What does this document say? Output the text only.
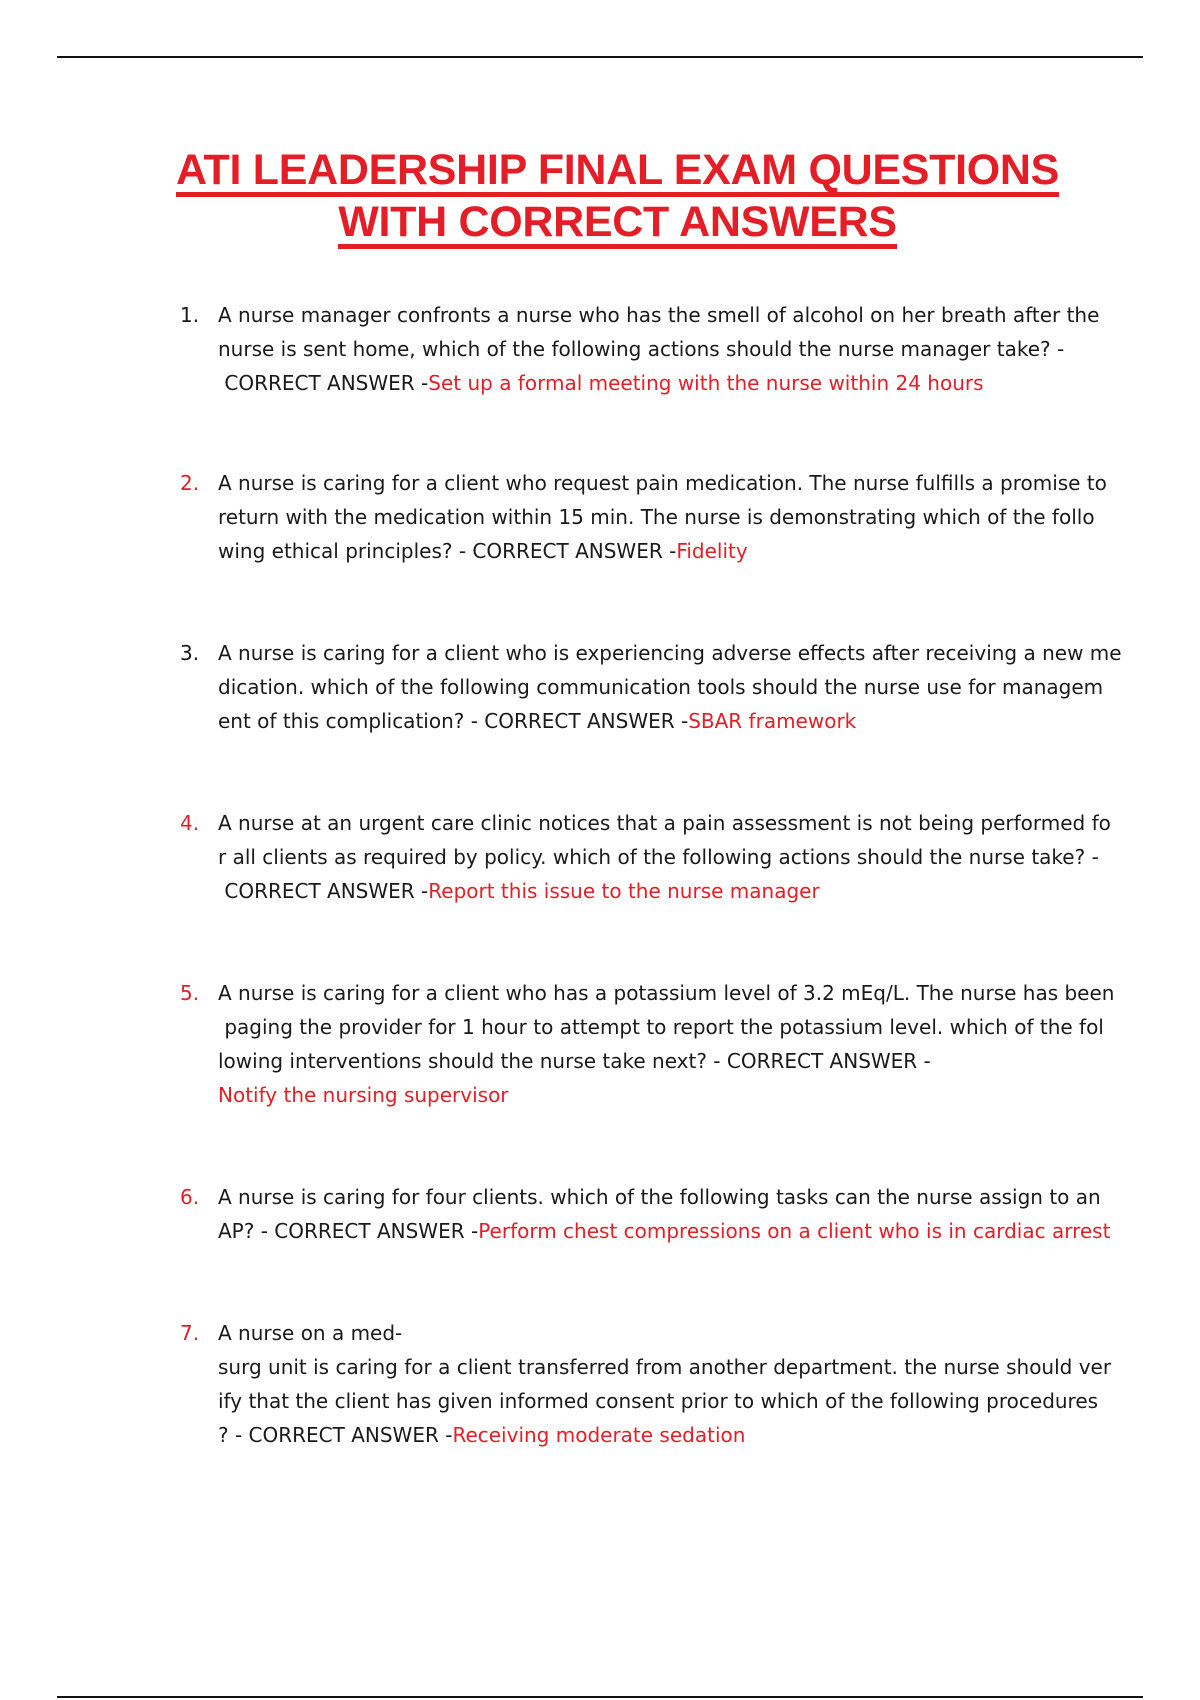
ATI LEADERSHIP FINAL EXAM QUESTIONS
WITH CORRECT ANSWERS
1. A nurse manager confronts a nurse who has the smell of alcohol on her breath after the
nurse is sent home, which of the following actions should the nurse manager take? -
CORRECT ANSWER -Set up a formal meeting with the nurse within 24 hours
2. A nurse is caring for a client who request pain medication. The nurse fulfills a promise to
return with the medication within 15 min. The nurse is demonstrating which of the follo
wing ethical principles? - CORRECT ANSWER -Fidelity
3. A nurse is caring for a client who is experiencing adverse effects after receiving a new me
dication. which of the following communication tools should the nurse use for managem
ent of this complication? - CORRECT ANSWER -SBAR framework
4. A nurse at an urgent care clinic notices that a pain assessment is not being performed fo
r all clients as required by policy. which of the following actions should the nurse take? -
CORRECT ANSWER -Report this issue to the nurse manager
5. A nurse is caring for a client who has a potassium level of 3.2 mEq/L. The nurse has been
paging the provider for 1 hour to attempt to report the potassium level. which of the fol
lowing interventions should the nurse take next? - CORRECT ANSWER -
Notify the nursing supervisor
6. A nurse is caring for four clients. which of the following tasks can the nurse assign to an
AP? - CORRECT ANSWER -Perform chest compressions on a client who is in cardiac arrest
7. A nurse on a med-
surg unit is caring for a client transferred from another department. the nurse should ver
ify that the client has given informed consent prior to which of the following procedures
? - CORRECT ANSWER -Receiving moderate sedation
